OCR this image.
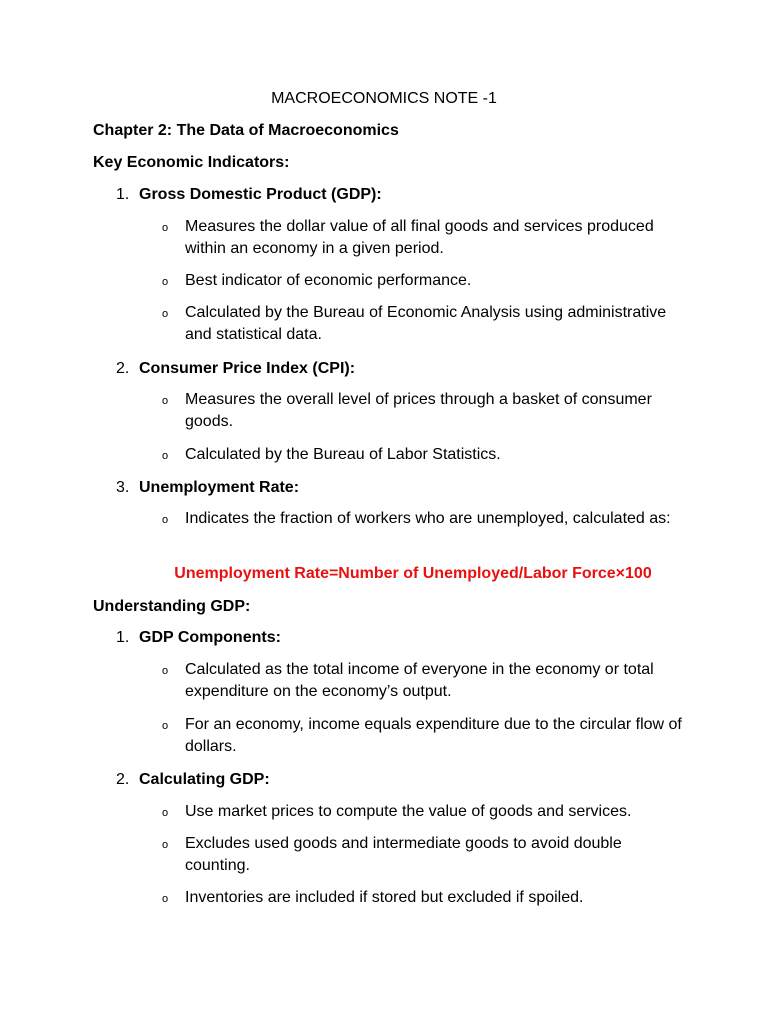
MACROECONOMICS NOTE -1
Chapter 2: The Data of Macroeconomics
Key Economic Indicators:
1. Gross Domestic Product (GDP):
o Measures the dollar value of all final goods and services produced within an economy in a given period.
o Best indicator of economic performance.
o Calculated by the Bureau of Economic Analysis using administrative and statistical data.
2. Consumer Price Index (CPI):
o Measures the overall level of prices through a basket of consumer goods.
o Calculated by the Bureau of Labor Statistics.
3. Unemployment Rate:
o Indicates the fraction of workers who are unemployed, calculated as:
Unemployment Rate=Number of Unemployed/Labor Force×100
Understanding GDP:
1. GDP Components:
o Calculated as the total income of everyone in the economy or total expenditure on the economy’s output.
o For an economy, income equals expenditure due to the circular flow of dollars.
2. Calculating GDP:
o Use market prices to compute the value of goods and services.
o Excludes used goods and intermediate goods to avoid double counting.
o Inventories are included if stored but excluded if spoiled.
